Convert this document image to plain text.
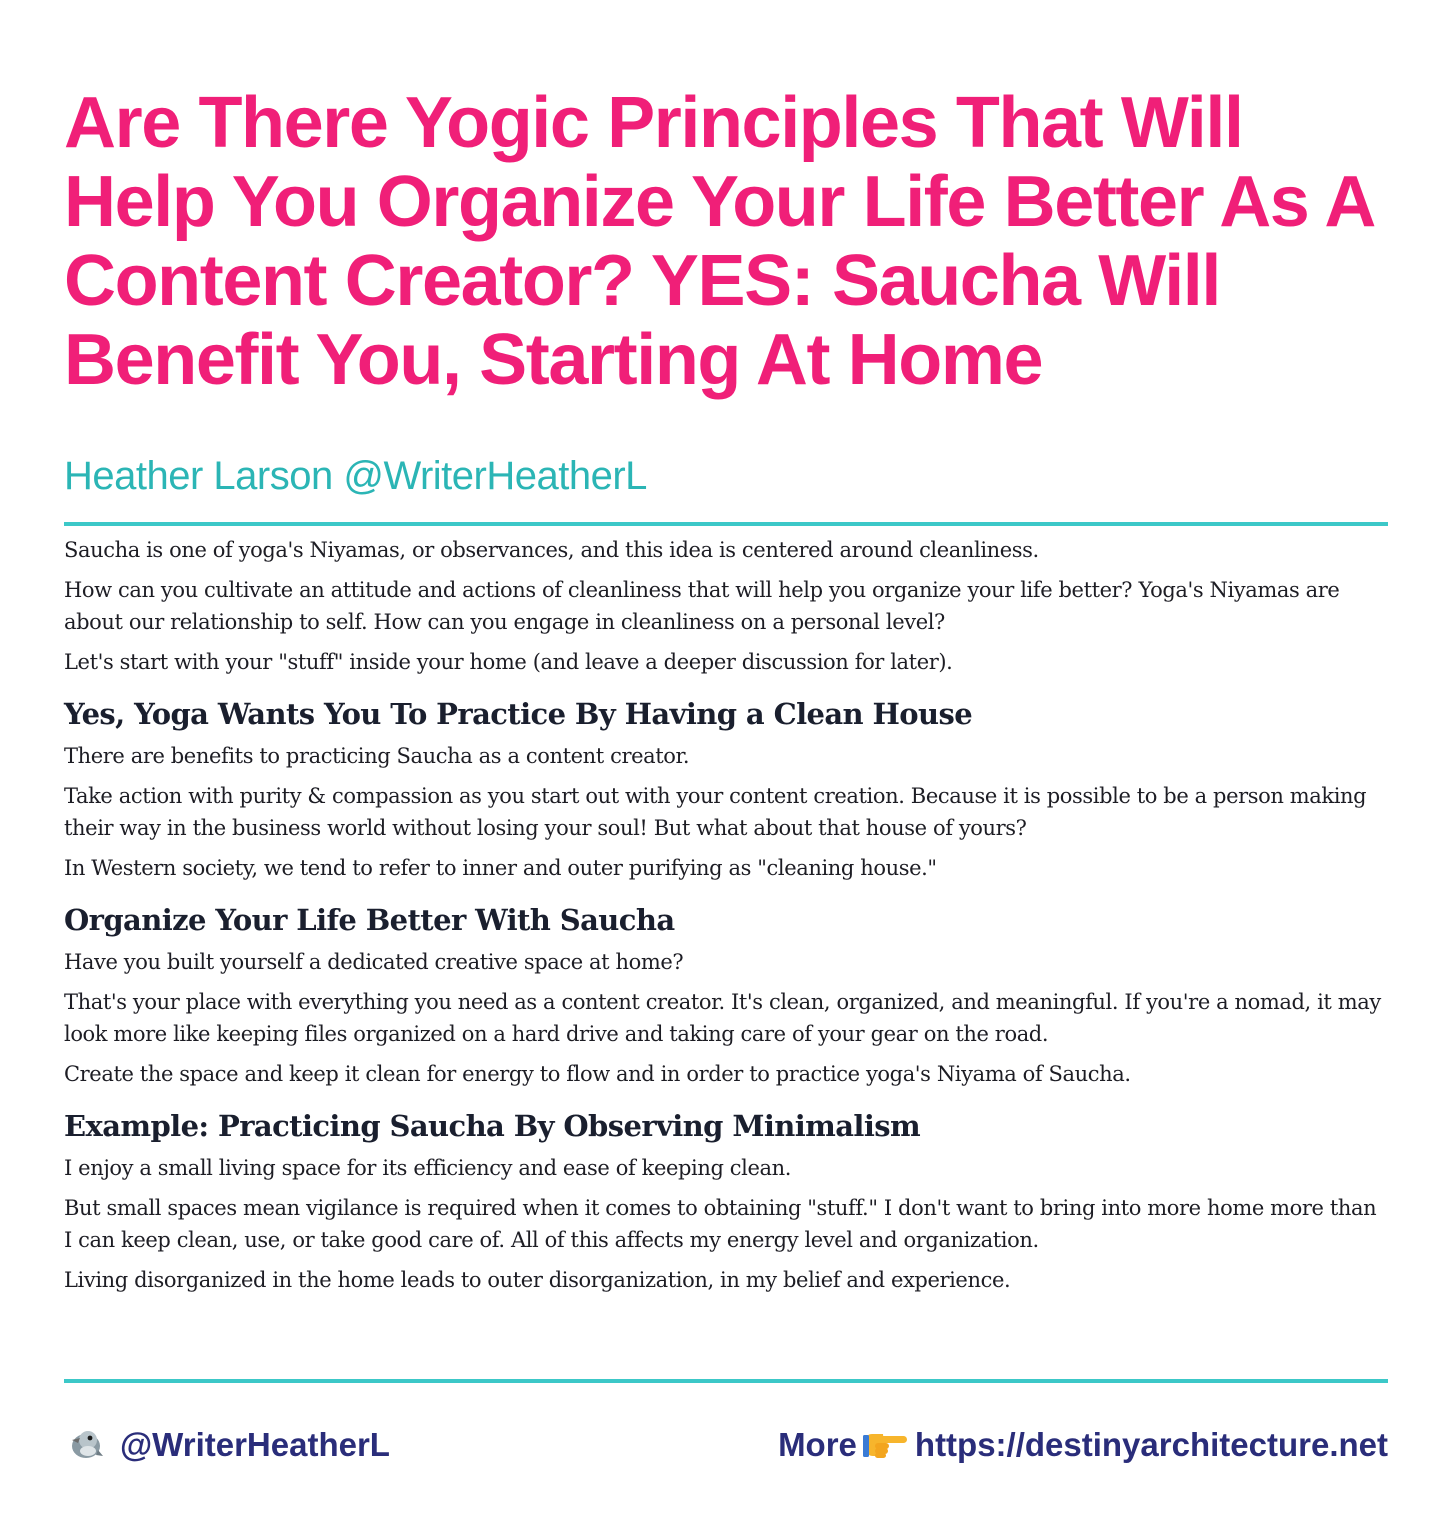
Are There Yogic Principles That Will Help You Organize Your Life Better As A Content Creator? YES: Saucha Will Benefit You, Starting At Home
Heather Larson @WriterHeatherL

Saucha is one of yoga's Niyamas, or observances, and this idea is centered around cleanliness.

How can you cultivate an attitude and actions of cleanliness that will help you organize your life better? Yoga's Niyamas are about our relationship to self. How can you engage in cleanliness on a personal level?

Let's start with your "stuff" inside your home (and leave a deeper discussion for later).

Yes, Yoga Wants You To Practice By Having a Clean House

There are benefits to practicing Saucha as a content creator.

Take action with purity & compassion as you start out with your content creation. Because it is possible to be a person making their way in the business world without losing your soul! But what about that house of yours?

In Western society, we tend to refer to inner and outer purifying as "cleaning house."

Organize Your Life Better With Saucha

Have you built yourself a dedicated creative space at home?

That's your place with everything you need as a content creator. It's clean, organized, and meaningful. If you're a nomad, it may look more like keeping files organized on a hard drive and taking care of your gear on the road.

Create the space and keep it clean for energy to flow and in order to practice yoga's Niyama of Saucha.

Example: Practicing Saucha By Observing Minimalism

I enjoy a small living space for its efficiency and ease of keeping clean.

But small spaces mean vigilance is required when it comes to obtaining "stuff." I don't want to bring into more home more than I can keep clean, use, or take good care of. All of this affects my energy level and organization.

Living disorganized in the home leads to outer disorganization, in my belief and experience.

@WriterHeatherL	More https://destinyarchitecture.net
